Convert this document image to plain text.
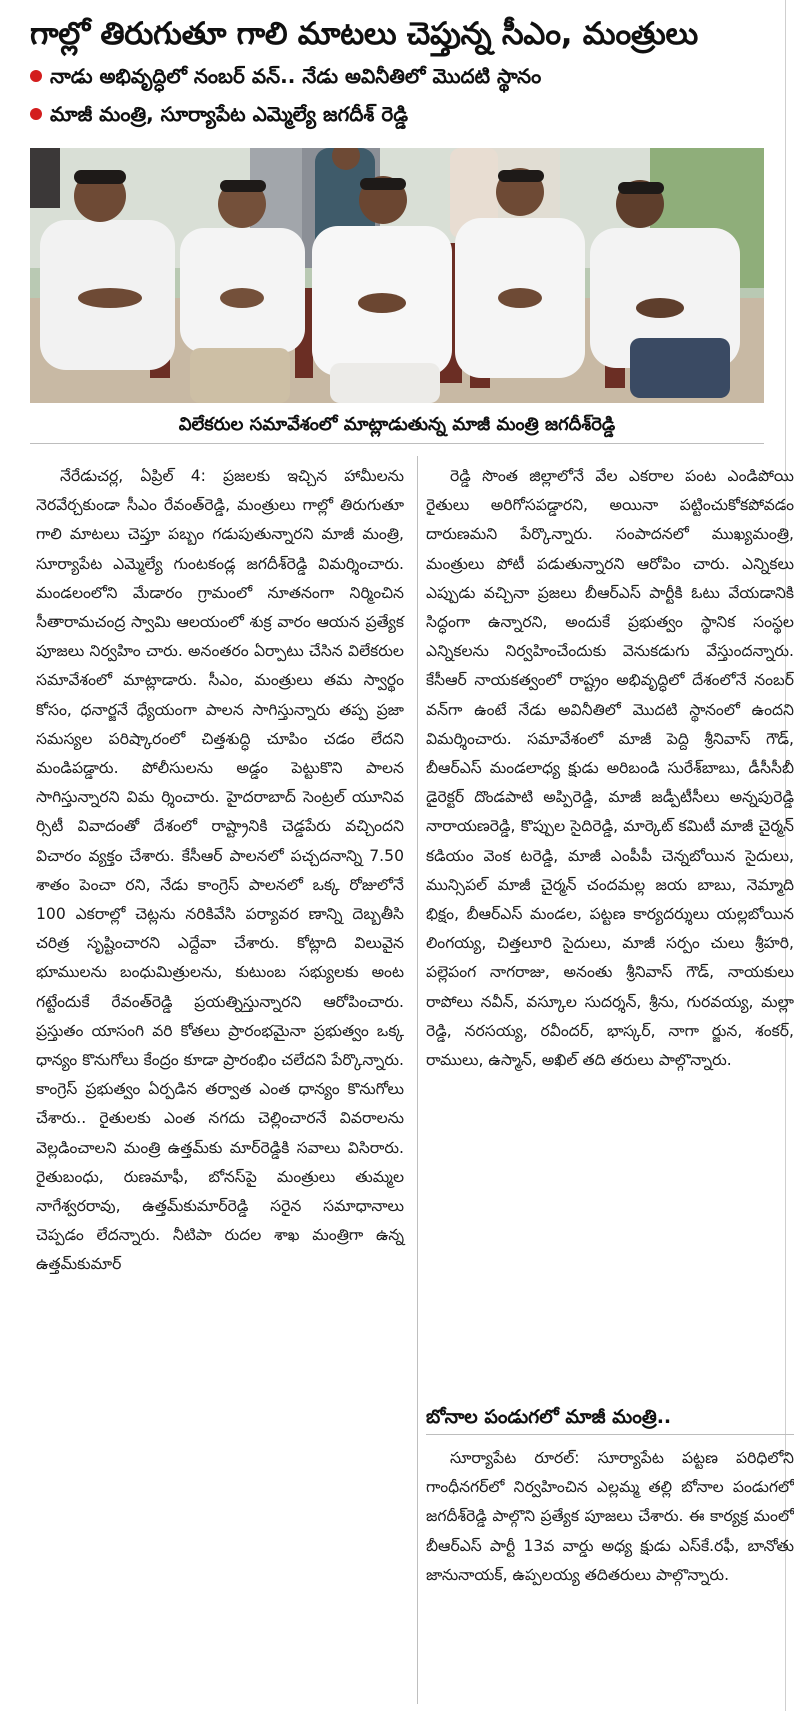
గాల్లో తిరుగుతూ గాలి మాటలు చెప్తున్న సీఎం, మంత్రులు
నాడు అభివృద్ధిలో నంబర్ వన్.. నేడు అవినీతిలో మొదటి స్థానం
మాజీ మంత్రి, సూర్యాపేట ఎమ్మెల్యే జగదీశ్ రెడ్డి
విలేకరుల సమావేశంలో మాట్లాడుతున్న మాజీ మంత్రి జగదీశ్‌రెడ్డి
నేరేడుచర్ల, ఏప్రిల్ 4: ప్రజలకు ఇచ్చిన హామీలను నెరవేర్చకుండా సీఎం రేవంత్‌రెడ్డి, మంత్రులు గాల్లో తిరుగుతూ గాలి మాటలు చెప్తూ పబ్బం గడుపుతున్నారని మాజీ మంత్రి, సూర్యాపేట ఎమ్మెల్యే గుంటకండ్ల జగదీశ్‌రెడ్డి విమర్శించారు. మండలంలోని మేడారం గ్రామంలో నూతనంగా నిర్మించిన సీతారామచంద్ర స్వామి ఆలయంలో శుక్ర వారం ఆయన ప్రత్యేక పూజలు నిర్వహిం చారు. అనంతరం ఏర్పాటు చేసిన విలేకరుల సమావేశంలో మాట్లాడారు. సీఎం, మంత్రులు తమ స్వార్థం కోసం, ధనార్జనే ధ్యేయంగా పాలన సాగిస్తున్నారు తప్ప ప్రజా సమస్యల పరిష్కారంలో చిత్తశుద్ధి చూపిం చడం లేదని మండిపడ్డారు. పోలీసులను అడ్డం పెట్టుకొని పాలన సాగిస్తున్నారని విమ ర్శించారు. హైదరాబాద్ సెంట్రల్ యూనివ ర్సిటీ వివాదంతో దేశంలో రాష్ట్రానికి చెడ్డపేరు వచ్చిందని విచారం వ్యక్తం చేశారు. కేసీఆర్ పాలనలో పచ్చదనాన్ని 7.50 శాతం పెంచా రని, నేడు కాంగ్రెస్ పాలనలో ఒక్క రోజులోనే 100 ఎకరాల్లో చెట్లను నరికివేసి పర్యావర ణాన్ని దెబ్బతీసి చరిత్ర సృష్టించారని ఎద్దేవా చేశారు. కోట్లాది విలువైన భూములను బంధుమిత్రులను, కుటుంబ సభ్యులకు అంట గట్టేందుకే రేవంత్‌రెడ్డి ప్రయత్నిస్తున్నారని ఆరోపించారు. ప్రస్తుతం యాసంగి వరి కోతలు ప్రారంభమైనా ప్రభుత్వం ఒక్క ధాన్యం కొనుగోలు కేంద్రం కూడా ప్రారంభిం చలేదని పేర్కొన్నారు. కాంగ్రెస్ ప్రభుత్వం ఏర్పడిన తర్వాత ఎంత ధాన్యం కొనుగోలు చేశారు.. రైతులకు ఎంత నగదు చెల్లించారనే వివరాలను వెల్లడించాలని మంత్రి ఉత్తమ్‌కు మార్‌రెడ్డికి సవాలు విసిరారు. రైతుబంధు, రుణమాఫీ, బోనస్‌పై మంత్రులు తుమ్మల నాగేశ్వరరావు, ఉత్తమ్‌కుమార్‌రెడ్డి సరైన సమాధానాలు చెప్పడం లేదన్నారు. నీటిపా రుదల శాఖ మంత్రిగా ఉన్న ఉత్తమ్‌కుమార్
రెడ్డి సొంత జిల్లాలోనే వేల ఎకరాల పంట ఎండిపోయి రైతులు అరిగోసపడ్డారని, అయినా పట్టించుకోకపోవడం దారుణమని పేర్కొన్నారు. సంపాదనలో ముఖ్యమంత్రి, మంత్రులు పోటీ పడుతున్నారని ఆరోపిం చారు. ఎన్నికలు ఎప్పుడు వచ్చినా ప్రజలు బీఆర్‌ఎస్ పార్టీకి ఓటు వేయడానికి సిద్ధంగా ఉన్నారని, అందుకే ప్రభుత్వం స్థానిక సంస్థల ఎన్నికలను నిర్వహించేందుకు వెనుకడుగు వేస్తుందన్నారు. కేసీఆర్ నాయకత్వంలో రాష్ట్రం అభివృద్ధిలో దేశంలోనే నంబర్ వన్‌గా ఉంటే నేడు అవినీతిలో మొదటి స్థానంలో ఉందని విమర్శించారు. సమావేశంలో మాజీ పెద్ది శ్రీనివాస్ గౌడ్, బీఆర్‌ఎస్ మండలాధ్య క్షుడు అరిబండి సురేశ్‌బాబు, డీసీసీబీ డైరెక్టర్ దొండపాటి అప్పిరెడ్డి, మాజీ జడ్పీటీసీలు అన్నపురెడ్డి నారాయణరెడ్డి, కొప్పుల సైదిరెడ్డి, మార్కెట్ కమిటీ మాజీ చైర్మన్ కడియం వెంక టరెడ్డి, మాజీ ఎంపీపీ చెన్నబోయిన సైదులు, మున్సిపల్ మాజీ చైర్మన్ చందమల్ల జయ బాబు, నెమ్మాది భిక్షం, బీఆర్‌ఎస్ మండల, పట్టణ కార్యదర్శులు యల్లబోయిన లింగయ్య, చిత్తలూరి సైదులు, మాజీ సర్పం చులు శ్రీహరి, పల్లెపంగ నాగరాజు, అనంతు శ్రీనివాస్ గౌడ్, నాయకులు రాపోలు నవీన్, వస్కూల సుదర్శన్, శ్రీను, గురవయ్య, మల్లా రెడ్డి, నరసయ్య, రవీందర్, భాస్కర్, నాగా ర్జున, శంకర్, రాములు, ఉస్మాన్, అఖిల్ తది తరులు పాల్గొన్నారు.
బోనాల పండుగలో మాజీ మంత్రి..
సూర్యాపేట రూరల్: సూర్యాపేట పట్టణ పరిధిలోని గాంధీనగర్‌లో నిర్వహించిన ఎల్లమ్మ తల్లి బోనాల పండుగలో జగదీశ్‌రెడ్డి పాల్గొని ప్రత్యేక పూజలు చేశారు. ఈ కార్యక్ర మంలో బీఆర్‌ఎస్ పార్టీ 13వ వార్డు అధ్య క్షుడు ఎస్‌కే.రఫీ, బానోతు జానునాయక్, ఉప్పలయ్య తదితరులు పాల్గొన్నారు.
